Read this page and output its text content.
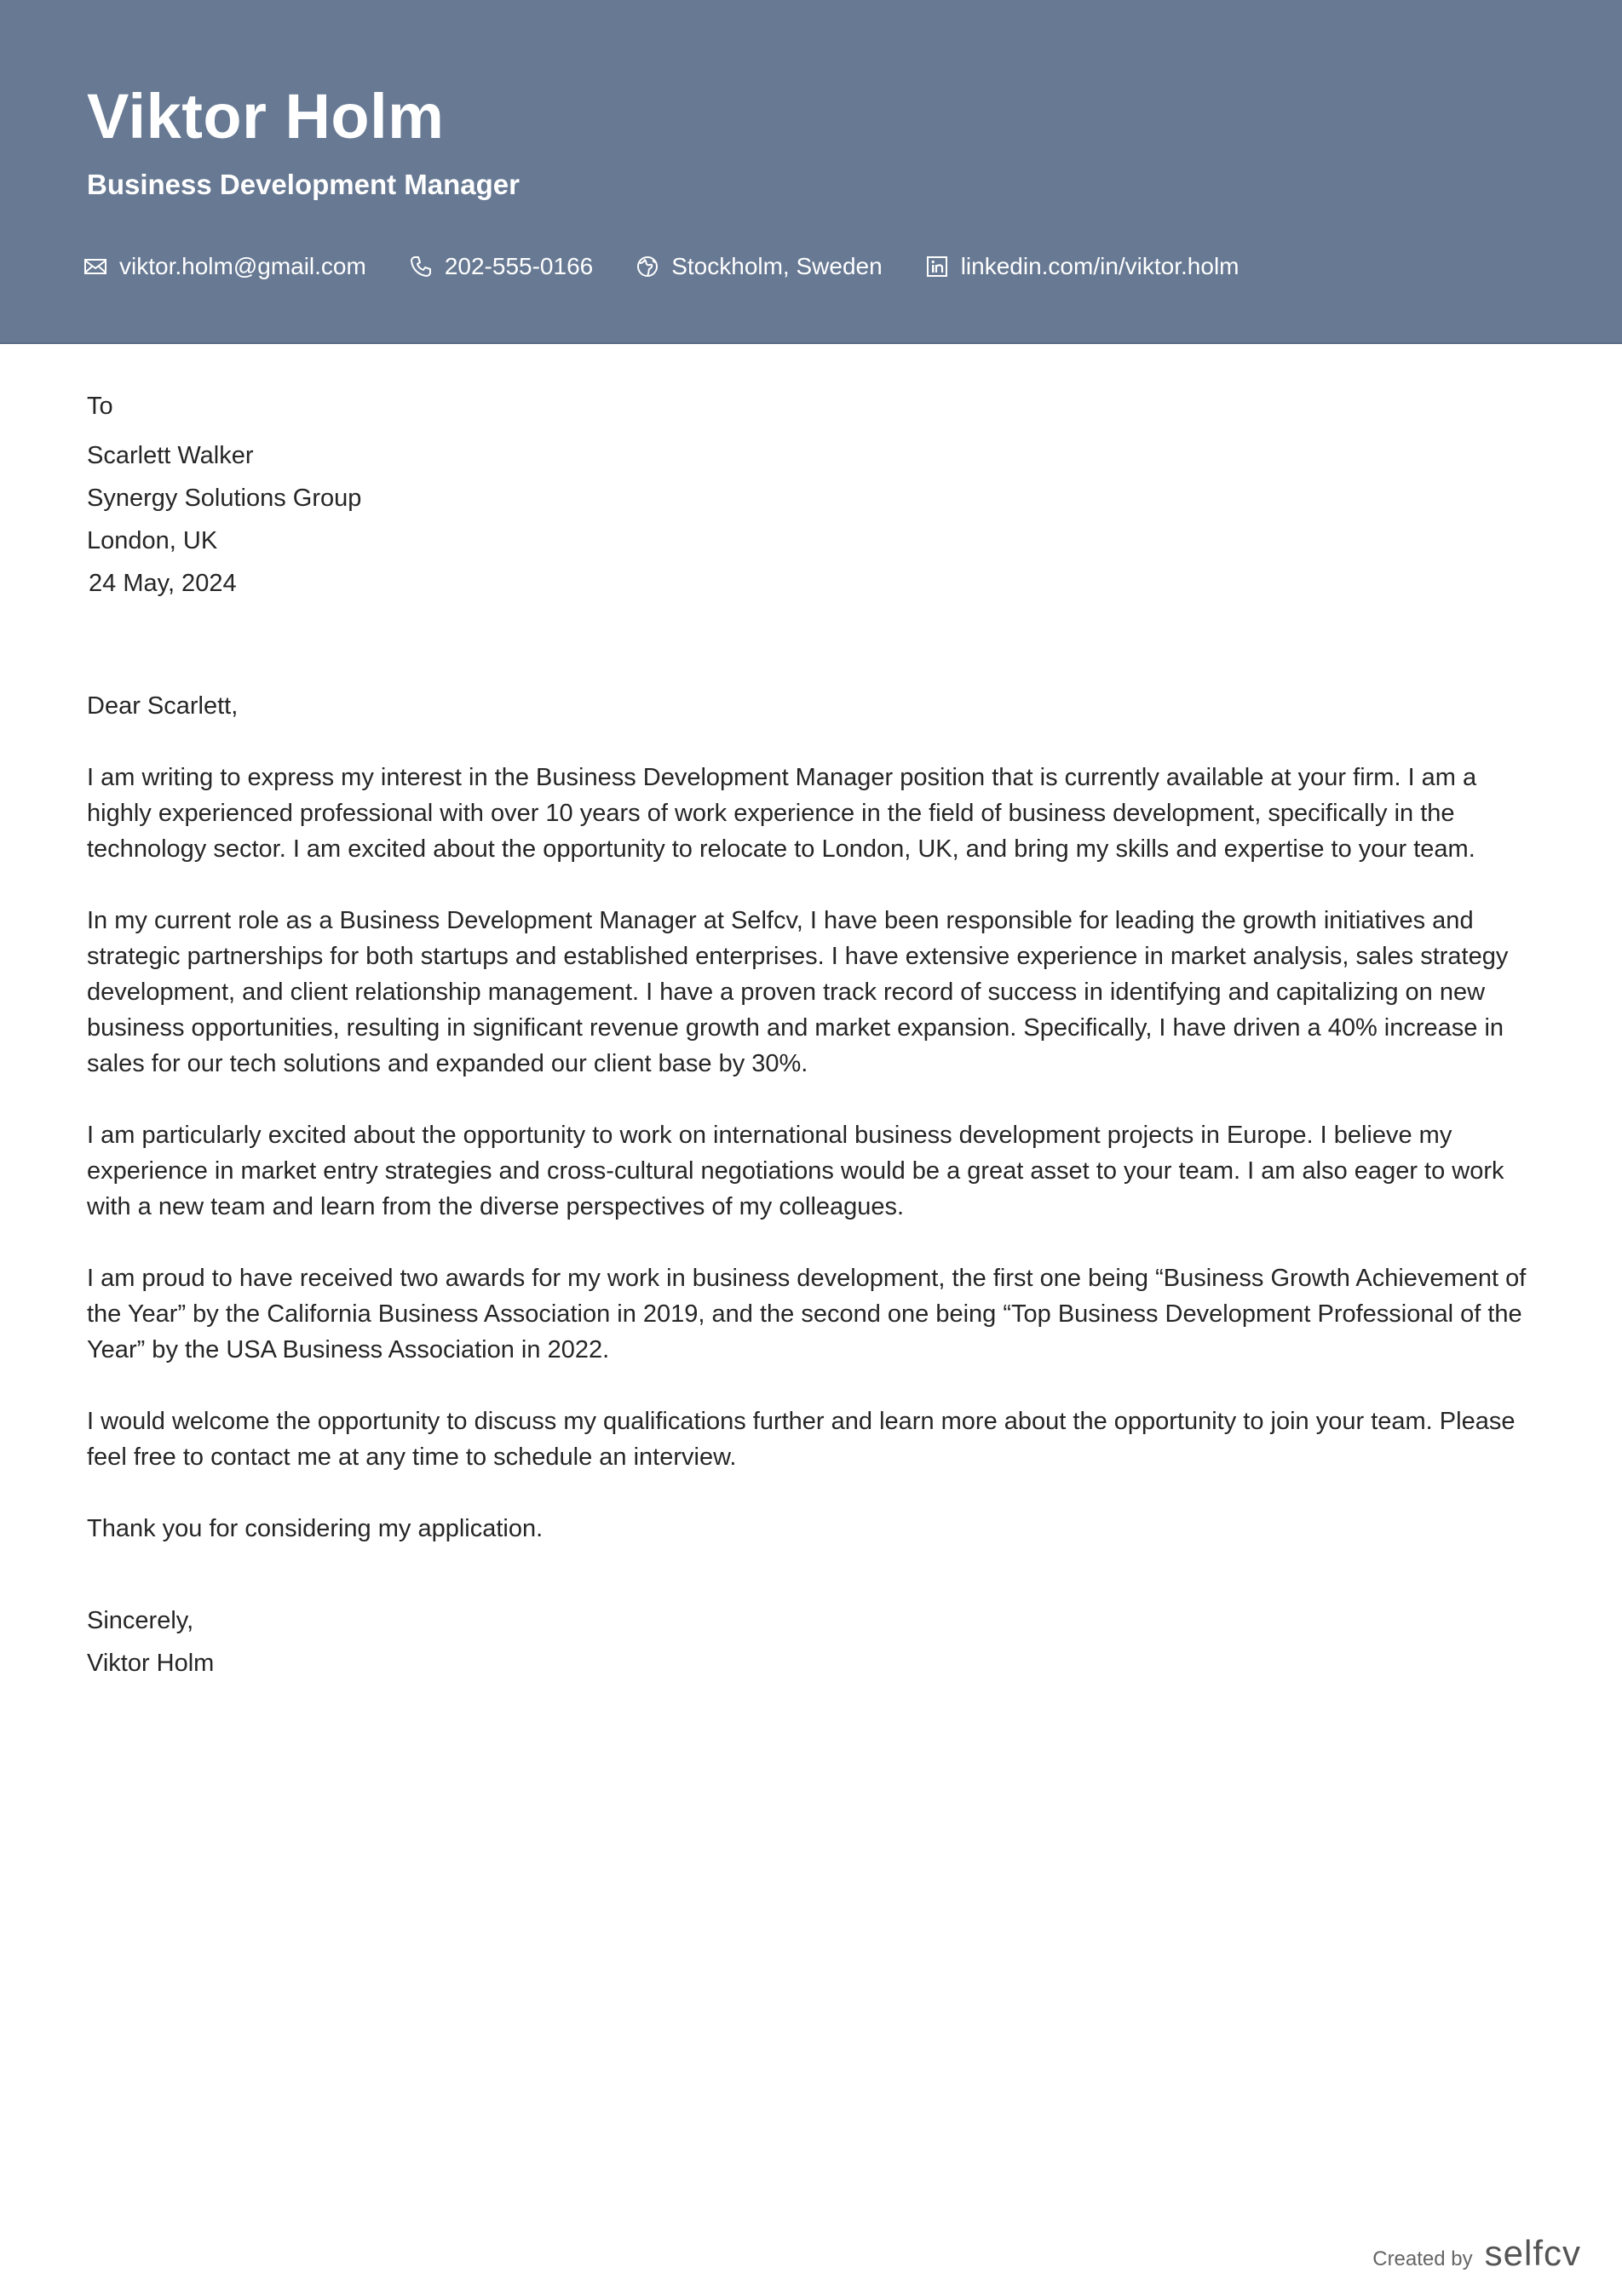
Viktor Holm
Business Development Manager
viktor.holm@gmail.com	202-555-0166	Stockholm, Sweden	linkedin.com/in/viktor.holm
To
Scarlett Walker
Synergy Solutions Group
London, UK
24 May, 2024
Dear Scarlett,

I am writing to express my interest in the Business Development Manager position that is currently available at your firm. I am a highly experienced professional with over 10 years of work experience in the field of business development, specifically in the technology sector. I am excited about the opportunity to relocate to London, UK, and bring my skills and expertise to your team.

In my current role as a Business Development Manager at Selfcv, I have been responsible for leading the growth initiatives and strategic partnerships for both startups and established enterprises. I have extensive experience in market analysis, sales strategy development, and client relationship management. I have a proven track record of success in identifying and capitalizing on new business opportunities, resulting in significant revenue growth and market expansion. Specifically, I have driven a 40% increase in sales for our tech solutions and expanded our client base by 30%.

I am particularly excited about the opportunity to work on international business development projects in Europe. I believe my experience in market entry strategies and cross-cultural negotiations would be a great asset to your team. I am also eager to work with a new team and learn from the diverse perspectives of my colleagues.

I am proud to have received two awards for my work in business development, the first one being “Business Growth Achievement of the Year” by the California Business Association in 2019, and the second one being “Top Business Development Professional of the Year” by the USA Business Association in 2022.

I would welcome the opportunity to discuss my qualifications further and learn more about the opportunity to join your team. Please feel free to contact me at any time to schedule an interview.

Thank you for considering my application.

Sincerely,
Viktor Holm
Created by selfcv
